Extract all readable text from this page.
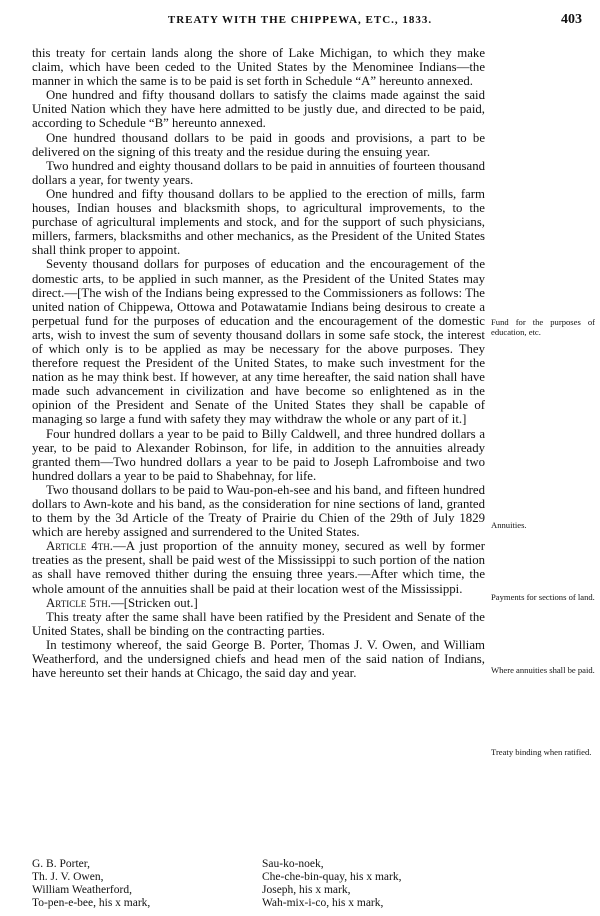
TREATY WITH THE CHIPPEWA, ETC., 1833.	403

this treaty for certain lands along the shore of Lake Michigan, to which they make claim, which have been ceded to the United States by the Menominee Indians—the manner in which the same is to be paid is set forth in Schedule “A” hereunto annexed.

One hundred and fifty thousand dollars to satisfy the claims made against the said United Nation which they have here admitted to be justly due, and directed to be paid, according to Schedule “B” hereunto annexed.

One hundred thousand dollars to be paid in goods and provisions, a part to be delivered on the signing of this treaty and the residue during the ensuing year.

Two hundred and eighty thousand dollars to be paid in annuities of fourteen thousand dollars a year, for twenty years.

One hundred and fifty thousand dollars to be applied to the erection of mills, farm houses, Indian houses and blacksmith shops, to agricultural improvements, to the purchase of agricultural implements and stock, and for the support of such physicians, millers, farmers, blacksmiths and other mechanics, as the President of the United States shall think proper to appoint.

Seventy thousand dollars for purposes of education and the encouragement of the domestic arts, to be applied in such manner, as the President of the United States may direct.—[The wish of the Indians being expressed to the Commissioners as follows: The united nation of Chippewa, Ottowa and Potawatamie Indians being desirous to create a perpetual fund for the purposes of education and the encouragement of the domestic arts, wish to invest the sum of seventy thousand dollars in some safe stock, the interest of which only is to be applied as may be necessary for the above purposes. They therefore request the President of the United States, to make such investment for the nation as he may think best. If however, at any time hereafter, the said nation shall have made such advancement in civilization and have become so enlightened as in the opinion of the President and Senate of the United States they shall be capable of managing so large a fund with safety they may withdraw the whole or any part of it.]

Four hundred dollars a year to be paid to Billy Caldwell, and three hundred dollars a year, to be paid to Alexander Robinson, for life, in addition to the annuities already granted them—Two hundred dollars a year to be paid to Joseph Lafromboise and two hundred dollars a year to be paid to Shabehnay, for life.

Two thousand dollars to be paid to Wau-pon-eh-see and his band, and fifteen hundred dollars to Awn-kote and his band, as the consideration for nine sections of land, granted to them by the 3d Article of the Treaty of Prairie du Chien of the 29th of July 1829 which are hereby assigned and surrendered to the United States.

Article 4th.—A just proportion of the annuity money, secured as well by former treaties as the present, shall be paid west of the Mississippi to such portion of the nation as shall have removed thither during the ensuing three years.—After which time, the whole amount of the annuities shall be paid at their location west of the Mississippi.

Article 5th.—[Stricken out.]

This treaty after the same shall have been ratified by the President and Senate of the United States, shall be binding on the contracting parties.

In testimony whereof, the said George B. Porter, Thomas J. V. Owen, and William Weatherford, and the undersigned chiefs and head men of the said nation of Indians, have hereunto set their hands at Chicago, the said day and year.

Fund for the purposes of education, etc.
Annuities.
Payments for sections of land.
Where annuities shall be paid.
Treaty binding when ratified.
G. B. Porter,
Th. J. V. Owen,
William Weatherford,
To-pen-e-bee, his x mark,
Sau-ko-noek,
Che-che-bin-quay, his x mark,
Joseph, his x mark,
Wah-mix-i-co, his x mark,
